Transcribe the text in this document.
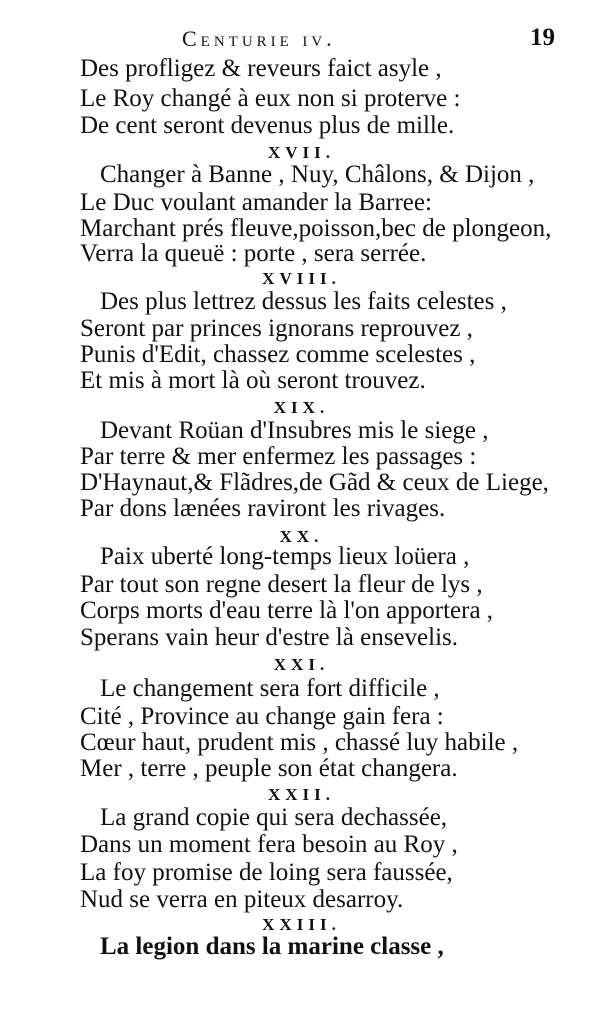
Centurie iv.	19
Des profligez & reveurs faict asyle ,
Le Roy changé à eux non si proterve :
De cent seront devenus plus de mille.
XVII.
Changer à Banne , Nuy, Châlons, & Dijon ,
Le Duc voulant amander la Barree:
Marchant prés fleuve,poisson,bec de plongeon,
Verra la queuë : porte , sera serrée.
XVIII.
Des plus lettrez dessus les faits celestes ,
Seront par princes ignorans reprouvez ,
Punis d'Edit, chassez comme scelestes ,
Et mis à mort là où seront trouvez.
XIX.
Devant Roüan d'Insubres mis le siege ,
Par terre & mer enfermez les passages :
D'Haynaut,& Flãdres,de Gãd & ceux de Liege,
Par dons lænées raviront les rivages.
XX.
Paix uberté long-temps lieux loüera ,
Par tout son regne desert la fleur de lys ,
Corps morts d'eau terre là l'on apportera ,
Sperans vain heur d'estre là ensevelis.
XXI.
Le changement sera fort difficile ,
Cité , Province au change gain fera :
Cœur haut, prudent mis , chassé luy habile ,
Mer , terre , peuple son état changera.
XXII.
La grand copie qui sera dechassée,
Dans un moment fera besoin au Roy ,
La foy promise de loing sera faussée,
Nud se verra en piteux desarroy.
XXIII.
La legion dans la marine classe ,
